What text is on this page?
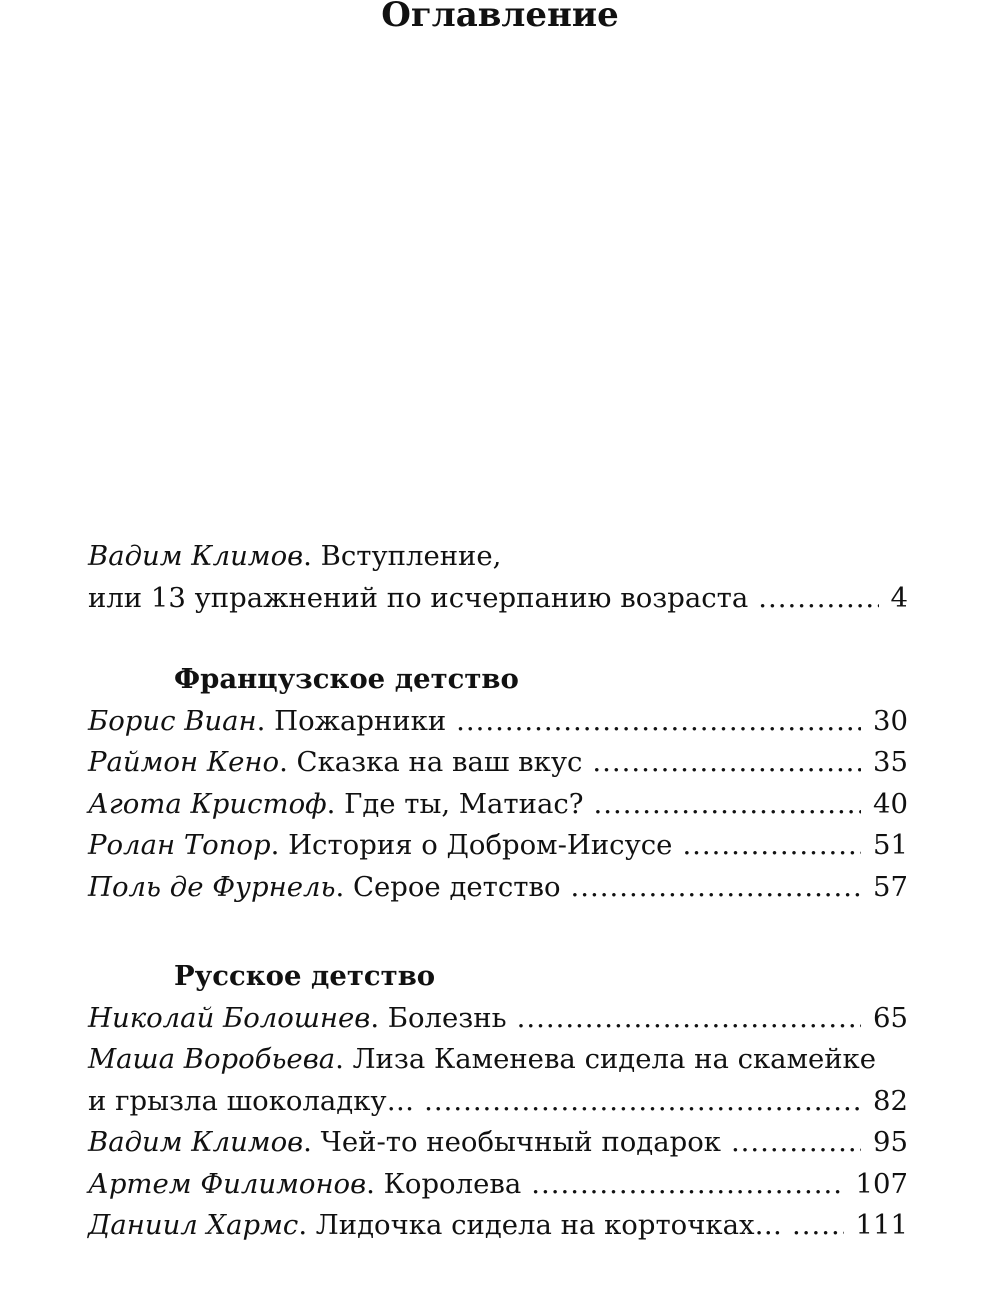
Оглавление
Вадим Климов . Вступление,
или 13 упражнений по исчерпанию возраста .....	4
Французское детство
Борис Виан . Пожарники .....	30
Раймон Кено . Сказка на ваш вкус .....	35
Агота Кристоф . Где ты, Матиас? .....	40
Ролан Топор . История о Добром-Иисусе .....	51
Поль де Фурнель . Серое детство .....	57
Русское детство
Николай Болошнев . Болезнь .....	65
Маша Воробьева . Лиза Каменева сидела на скамейке
и грызла шоколадку… .....	82
Вадим Климов . Чей-то необычный подарок .....	95
Артем Филимонов . Королева .....	107
Даниил Хармс . Лидочка сидела на корточках… .....	111
